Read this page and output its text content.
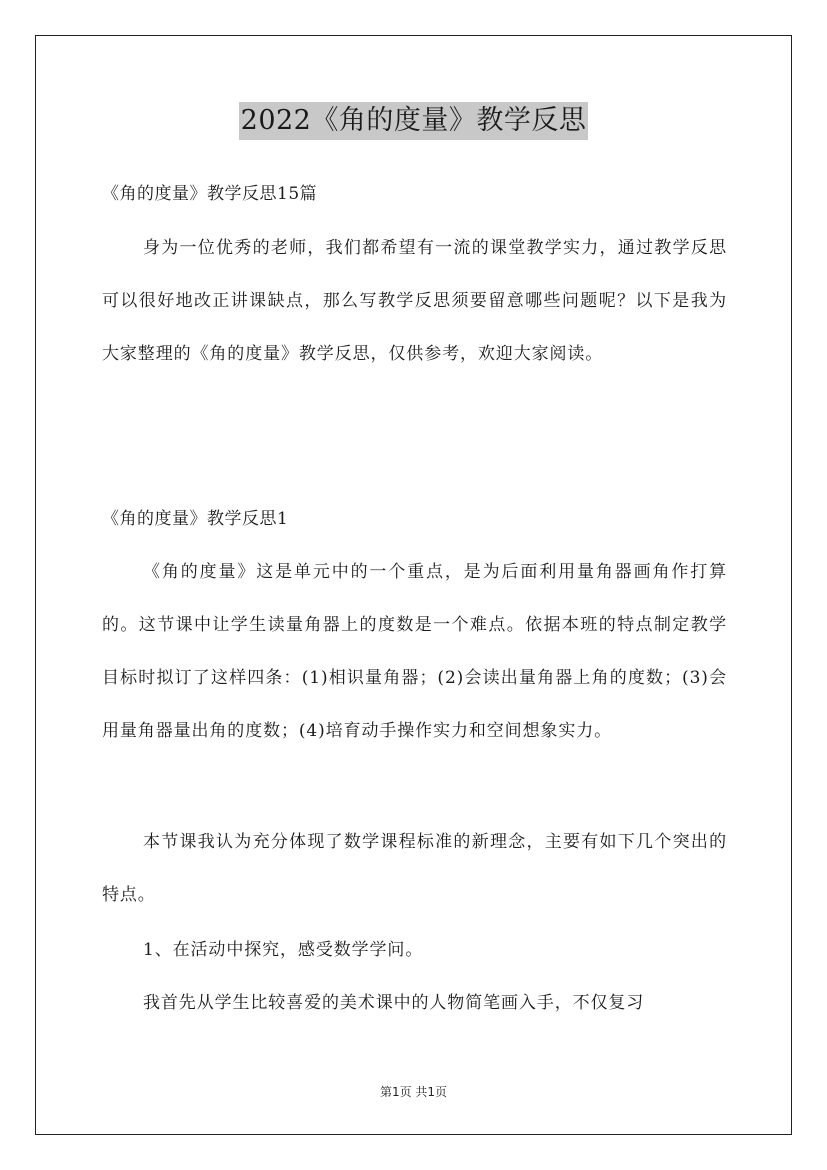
2022《角的度量》教学反思
《角的度量》教学反思15篇

身为一位优秀的老师，我们都希望有一流的课堂教学实力，通过教学反思可以很好地改正讲课缺点，那么写教学反思须要留意哪些问题呢？以下是我为大家整理的《角的度量》教学反思，仅供参考，欢迎大家阅读。

《角的度量》教学反思1

《角的度量》这是单元中的一个重点，是为后面利用量角器画角作打算的。这节课中让学生读量角器上的度数是一个难点。依据本班的特点制定教学目标时拟订了这样四条：(1)相识量角器；(2)会读出量角器上角的度数；(3)会用量角器量出角的度数；(4)培育动手操作实力和空间想象实力。

本节课我认为充分体现了数学课程标准的新理念，主要有如下几个突出的特点。

1、在活动中探究，感受数学学问。

我首先从学生比较喜爱的美术课中的人物简笔画入手，不仅复习

第1页 共1页
